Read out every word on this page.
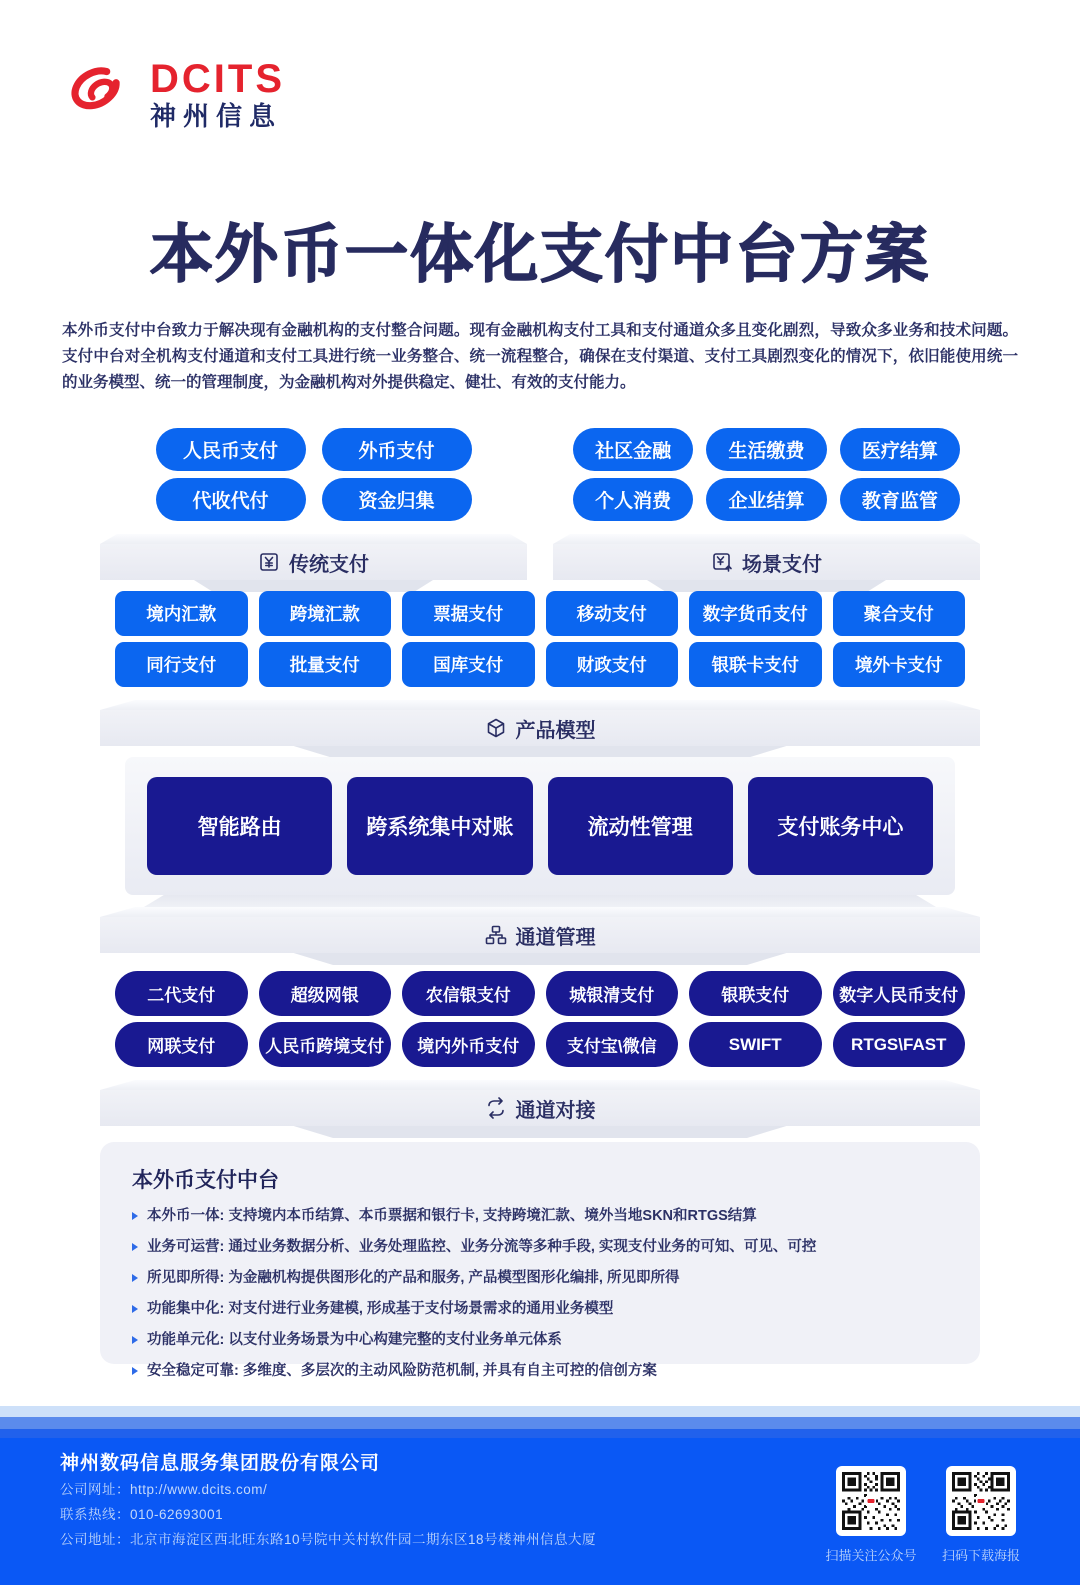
DCITS
神州信息
本外币一体化支付中台方案
本外币支付中台致力于解决现有金融机构的支付整合问题。现有金融机构支付工具和支付通道众多且变化剧烈，导致众多业务和技术问题。支付中台对全机构支付通道和支付工具进行统一业务整合、统一流程整合，确保在支付渠道、支付工具剧烈变化的情况下，依旧能使用统一的业务模型、统一的管理制度，为金融机构对外提供稳定、健壮、有效的支付能力。
人民币支付	外币支付
代收代付	资金归集
传统支付
社区金融	生活缴费	医疗结算
个人消费	企业结算	教育监管
场景支付
境内汇款	跨境汇款	票据支付	移动支付	数字货币支付	聚合支付
同行支付	批量支付	国库支付	财政支付	银联卡支付	境外卡支付
产品模型
智能路由	跨系统集中对账	流动性管理	支付账务中心
通道管理
二代支付	超级网银	农信银支付	城银清支付	银联支付	数字人民币支付
网联支付	人民币跨境支付	境内外币支付	支付宝\微信	SWIFT	RTGS\FAST
通道对接
本外币支付中台
本外币一体: 支持境内本币结算、本币票据和银行卡, 支持跨境汇款、境外当地SKN和RTGS结算
业务可运营: 通过业务数据分析、业务处理监控、业务分流等多种手段, 实现支付业务的可知、可见、可控
所见即所得: 为金融机构提供图形化的产品和服务, 产品模型图形化编排, 所见即所得
功能集中化: 对支付进行业务建模, 形成基于支付场景需求的通用业务模型
功能单元化: 以支付业务场景为中心构建完整的支付业务单元体系
安全稳定可靠: 多维度、多层次的主动风险防范机制, 并具有自主可控的信创方案
神州数码信息服务集团股份有限公司
公司网址：http://www.dcits.com/
联系热线：010-62693001
公司地址：北京市海淀区西北旺东路10号院中关村软件园二期东区18号楼神州信息大厦
扫描关注公众号 扫码下载海报
